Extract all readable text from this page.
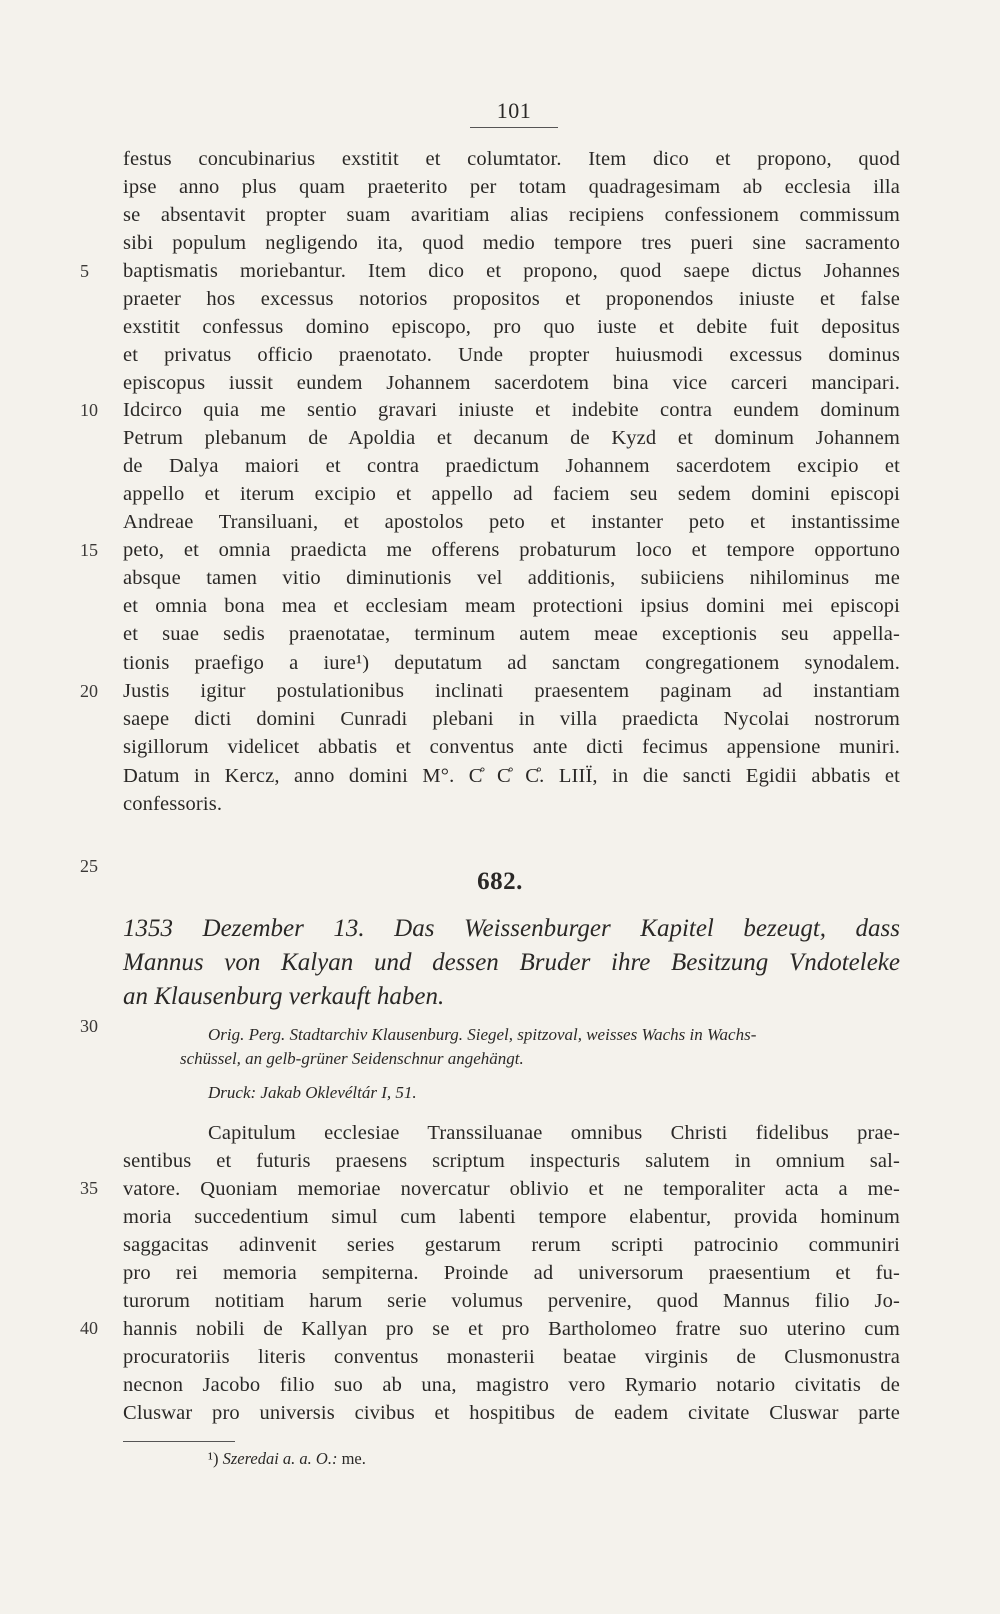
101
5
10
15
20
25
30
35
40
festus concubinarius exstitit et columtator. Item dico et propono, quod
ipse anno plus quam praeterito per totam quadragesimam ab ecclesia illa
se absentavit propter suam avaritiam alias recipiens confessionem commissum
sibi populum negligendo ita, quod medio tempore tres pueri sine sacramento
baptismatis moriebantur. Item dico et propono, quod saepe dictus Johannes
praeter hos excessus notorios propositos et proponendos iniuste et false
exstitit confessus domino episcopo, pro quo iuste et debite fuit depositus
et privatus officio praenotato. Unde propter huiusmodi excessus dominus
episcopus iussit eundem Johannem sacerdotem bina vice carceri mancipari.
Idcirco quia me sentio gravari iniuste et indebite contra eundem dominum
Petrum plebanum de Apoldia et decanum de Kyzd et dominum Johannem
de Dalya maiori et contra praedictum Johannem sacerdotem excipio et
appello et iterum excipio et appello ad faciem seu sedem domini episcopi
Andreae Transiluani, et apostolos peto et instanter peto et instantissime
peto, et omnia praedicta me offerens probaturum loco et tempore opportuno
absque tamen vitio diminutionis vel additionis, subiiciens nihilominus me
et omnia bona mea et ecclesiam meam protectioni ipsius domini mei episcopi
et suae sedis praenotatae, terminum autem meae exceptionis seu appella-
tionis praefigo a iure¹) deputatum ad sanctam congregationem synodalem.
Justis igitur postulationibus inclinati praesentem paginam ad instantiam
saepe dicti domini Cunradi plebani in villa praedicta Nycolai nostrorum
sigillorum videlicet abbatis et conventus ante dicti fecimus appensione muniri.
Datum in Kercz, anno domini M°. C̊ C̊ C̊. LIIÏ, in die sancti Egidii abbatis et
confessoris.
682.
1353 Dezember 13. Das Weissenburger Kapitel bezeugt, dass
Mannus von Kalyan und dessen Bruder ihre Besitzung Vndoteleke
an Klausenburg verkauft haben.
Orig. Perg. Stadtarchiv Klausenburg. Siegel, spitzoval, weisses Wachs in Wachs-
schüssel, an gelb-grüner Seidenschnur angehängt.
Druck: Jakab Oklevéltár I, 51.
Capitulum ecclesiae Transsiluanae omnibus Christi fidelibus prae-
sentibus et futuris praesens scriptum inspecturis salutem in omnium sal-
vatore. Quoniam memoriae novercatur oblivio et ne temporaliter acta a me-
moria succedentium simul cum labenti tempore elabentur, provida hominum
saggacitas adinvenit series gestarum rerum scripti patrocinio communiri
pro rei memoria sempiterna. Proinde ad universorum praesentium et fu-
turorum notitiam harum serie volumus pervenire, quod Mannus filio Jo-
hannis nobili de Kallyan pro se et pro Bartholomeo fratre suo uterino cum
procuratoriis literis conventus monasterii beatae virginis de Clusmonustra
necnon Jacobo filio suo ab una, magistro vero Rymario notario civitatis de
Cluswar pro universis civibus et hospitibus de eadem civitate Cluswar parte
¹) Szeredai a. a. O.: me.
